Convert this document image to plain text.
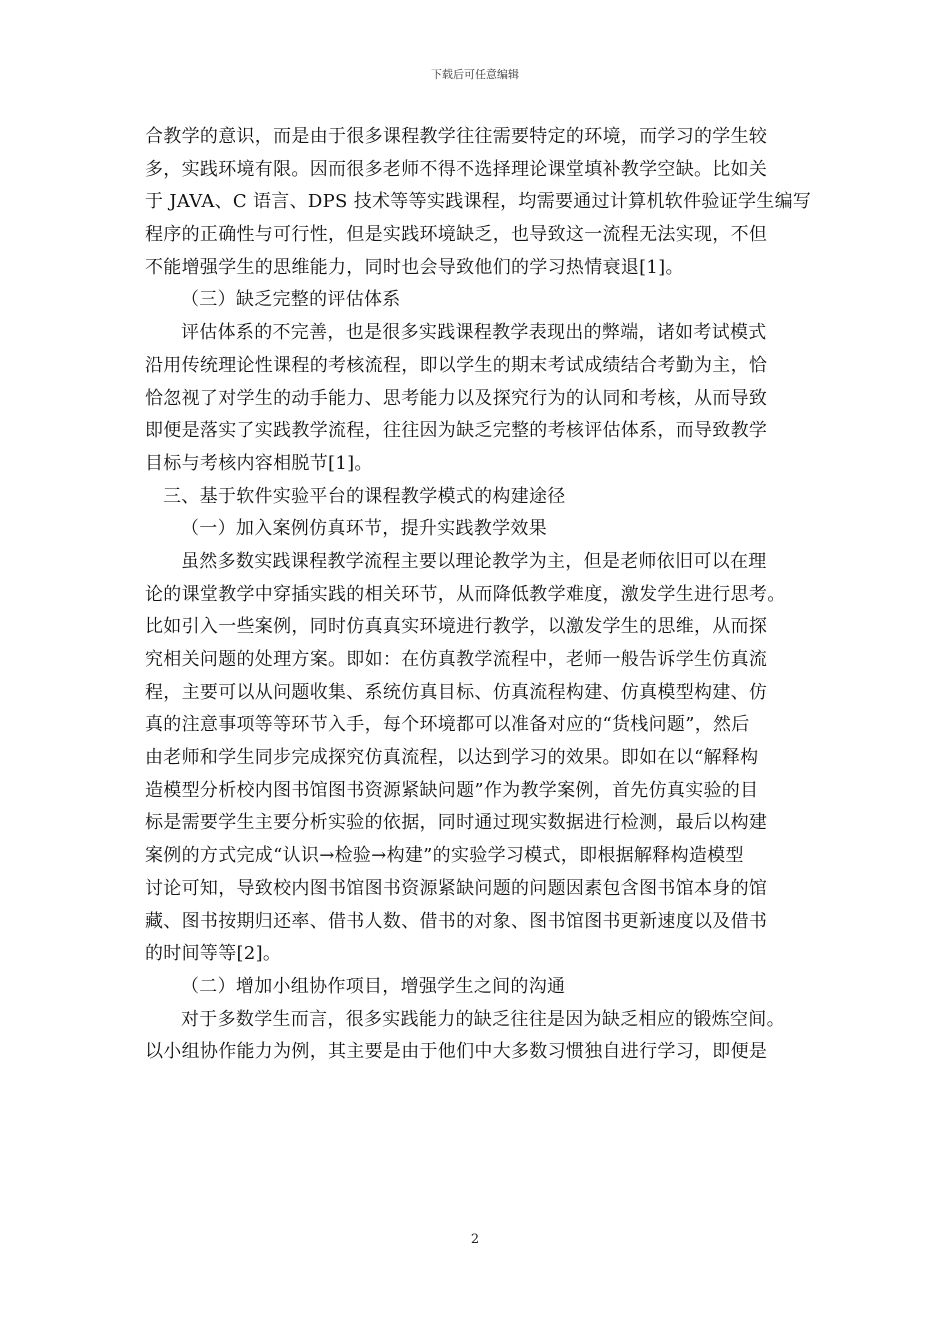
下载后可任意编辑
合教学的意识，而是由于很多课程教学往往需要特定的环境，而学习的学生较
多，实践环境有限。因而很多老师不得不选择理论课堂填补教学空缺。比如关
于 JAVA、C 语言、DPS 技术等等实践课程，均需要通过计算机软件验证学生编写
程序的正确性与可行性，但是实践环境缺乏，也导致这一流程无法实现，不但
不能增强学生的思维能力，同时也会导致他们的学习热情衰退[1]。
（三）缺乏完整的评估体系
评估体系的不完善，也是很多实践课程教学表现出的弊端，诸如考试模式
沿用传统理论性课程的考核流程，即以学生的期末考试成绩结合考勤为主，恰
恰忽视了对学生的动手能力、思考能力以及探究行为的认同和考核，从而导致
即便是落实了实践教学流程，往往因为缺乏完整的考核评估体系，而导致教学
目标与考核内容相脱节[1]。
三、基于软件实验平台的课程教学模式的构建途径
（一）加入案例仿真环节，提升实践教学效果
虽然多数实践课程教学流程主要以理论教学为主，但是老师依旧可以在理
论的课堂教学中穿插实践的相关环节，从而降低教学难度，激发学生进行思考。
比如引入一些案例，同时仿真真实环境进行教学，以激发学生的思维，从而探
究相关问题的处理方案。即如：在仿真教学流程中，老师一般告诉学生仿真流
程，主要可以从问题收集、系统仿真目标、仿真流程构建、仿真模型构建、仿
真的注意事项等等环节入手，每个环境都可以准备对应的“货栈问题”，然后
由老师和学生同步完成探究仿真流程，以达到学习的效果。即如在以“解释构
造模型分析校内图书馆图书资源紧缺问题”作为教学案例，首先仿真实验的目
标是需要学生主要分析实验的依据，同时通过现实数据进行检测，最后以构建
案例的方式完成“认识→检验→构建”的实验学习模式，即根据解释构造模型
讨论可知，导致校内图书馆图书资源紧缺问题的问题因素包含图书馆本身的馆
藏、图书按期归还率、借书人数、借书的对象、图书馆图书更新速度以及借书
的时间等等[2]。
（二）增加小组协作项目，增强学生之间的沟通
对于多数学生而言，很多实践能力的缺乏往往是因为缺乏相应的锻炼空间。
以小组协作能力为例，其主要是由于他们中大多数习惯独自进行学习，即便是
2
